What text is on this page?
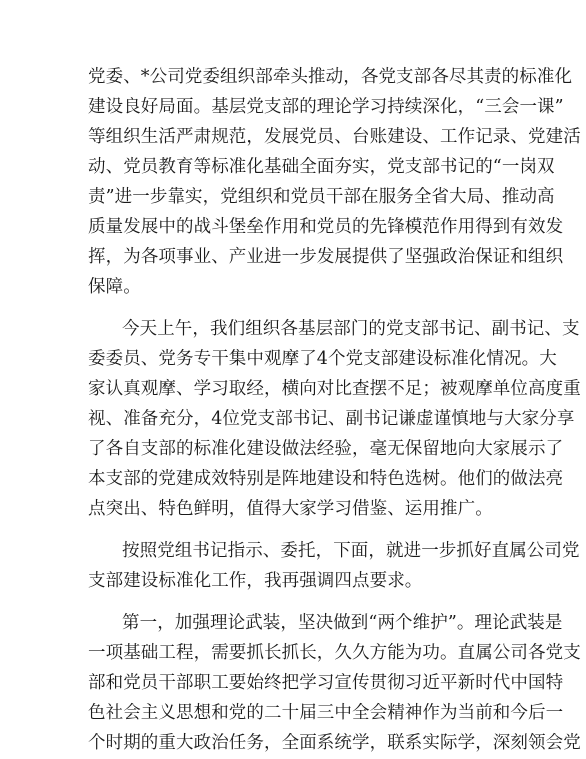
党委、*公司党委组织部牵头推动，各党支部各尽其责的标准化
建设良好局面。基层党支部的理论学习持续深化，“三会一课”
等组织生活严肃规范，发展党员、台账建设、工作记录、党建活
动、党员教育等标准化基础全面夯实，党支部书记的“一岗双
责”进一步靠实，党组织和党员干部在服务全省大局、推动高
质量发展中的战斗堡垒作用和党员的先锋模范作用得到有效发
挥，为各项事业、产业进一步发展提供了坚强政治保证和组织
保障。
今天上午，我们组织各基层部门的党支部书记、副书记、支
委委员、党务专干集中观摩了4个党支部建设标准化情况。大
家认真观摩、学习取经，横向对比查摆不足；被观摩单位高度重
视、准备充分，4位党支部书记、副书记谦虚谨慎地与大家分享
了各自支部的标准化建设做法经验，毫无保留地向大家展示了
本支部的党建成效特别是阵地建设和特色选树。他们的做法亮
点突出、特色鲜明，值得大家学习借鉴、运用推广。
按照党组书记指示、委托，下面，就进一步抓好直属公司党
支部建设标准化工作，我再强调四点要求。
第一，加强理论武装，坚决做到“两个维护”。理论武装是
一项基础工程，需要抓长抓长，久久方能为功。直属公司各党支
部和党员干部职工要始终把学习宣传贯彻习近平新时代中国特
色社会主义思想和党的二十届三中全会精神作为当前和今后一
个时期的重大政治任务，全面系统学，联系实际学，深刻领会党
